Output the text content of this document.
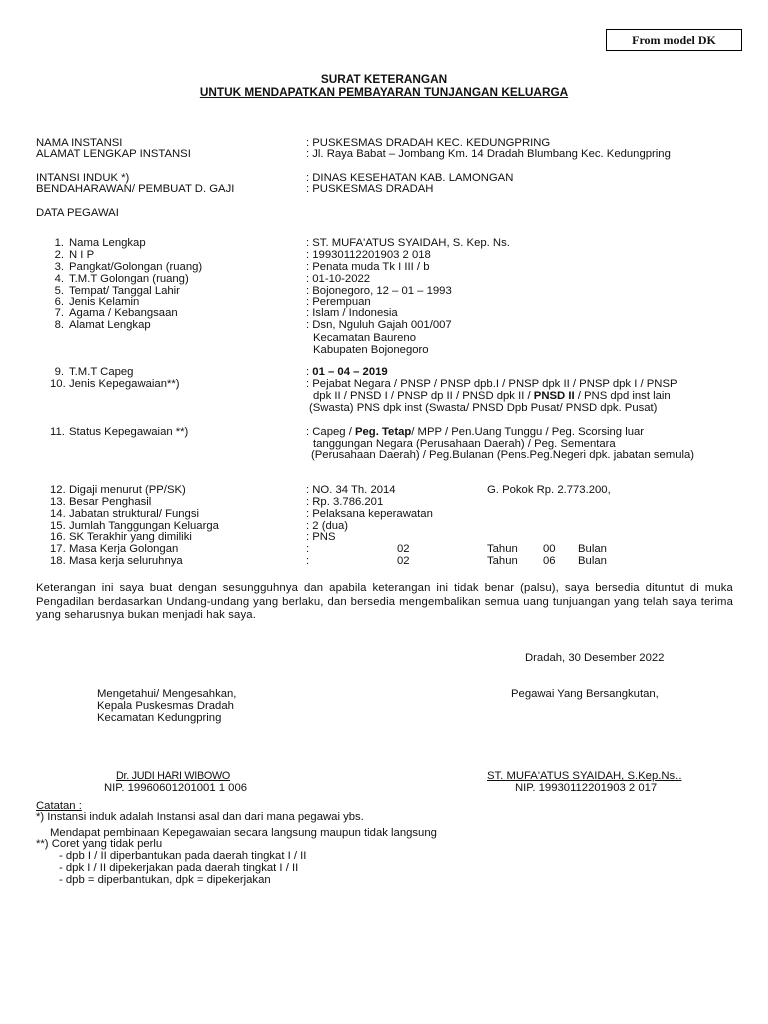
From model DK
SURAT KETERANGAN
UNTUK MENDAPATKAN PEMBAYARAN TUNJANGAN KELUARGA
NAMA INSTANSI	: PUSKESMAS DRADAH KEC. KEDUNGPRING
ALAMAT LENGKAP INSTANSI	: Jl. Raya Babat – Jombang Km. 14 Dradah Blumbang Kec. Kedungpring
INTANSI INDUK *)	: DINAS KESEHATAN KAB. LAMONGAN
BENDAHARAWAN/ PEMBUAT D. GAJI	: PUSKESMAS DRADAH
DATA PEGAWAI
1. Nama Lengkap	: ST. MUFA'ATUS SYAIDAH, S. Kep. Ns.
2. N I P	: 19930112201903 2 018
3. Pangkat/Golongan (ruang)	: Penata muda Tk I III / b
4. T.M.T Golongan (ruang)	: 01-10-2022
5. Tempat/ Tanggal Lahir	: Bojonegoro, 12 – 01 – 1993
6. Jenis Kelamin	: Perempuan
7. Agama / Kebangsaan	: Islam / Indonesia
8. Alamat Lengkap	: Dsn, Nguluh Gajah 001/007
Kecamatan Baureno
Kabupaten Bojonegoro
9. T.M.T Capeg	: 01 – 04 – 2019
10. Jenis Kepegawaian**)	: Pejabat Negara / PNSP / PNSP dpb.I / PNSP dpk II / PNSP dpk I / PNSP
dpk II / PNSD I / PNSP dp II / PNSD dpk II / PNSD II / PNS dpd inst lain
(Swasta) PNS dpk inst (Swasta/ PNSD Dpb Pusat/ PNSD dpk. Pusat)
11. Status Kepegawaian **)	: Capeg / Peg. Tetap/ MPP / Pen.Uang Tunggu / Peg. Scorsing luar
tanggungan Negara (Perusahaan Daerah) / Peg. Sementara
(Perusahaan Daerah) / Peg.Bulanan (Pens.Peg.Negeri dpk. jabatan semula)
12. Digaji menurut (PP/SK)	: NO. 34 Th. 2014	G. Pokok Rp. 2.773.200,
13. Besar Penghasil	: Rp. 3.786.201
14. Jabatan struktural/ Fungsi	: Pelaksana keperawatan
15. Jumlah Tanggungan Keluarga	: 2 (dua)
16. SK Terakhir yang dimiliki	: PNS
17. Masa Kerja Golongan	:	02	Tahun 00 Bulan
18. Masa kerja seluruhnya	:	02	Tahun 06 Bulan
Keterangan ini saya buat dengan sesungguhnya dan apabila keterangan ini tidak benar (palsu), saya bersedia dituntut di muka Pengadilan berdasarkan Undang-undang yang berlaku, dan bersedia mengembalikan semua uang tunjuangan yang telah saya terima yang seharusnya bukan menjadi hak saya.
Dradah, 30 Desember 2022
Mengetahui/ Mengesahkan,
Kepala Puskesmas Dradah
Kecamatan Kedungpring
Pegawai Yang Bersangkutan,
Dr. JUDI HARI WIBOWO
NIP. 19960601201001 1 006
ST. MUFA'ATUS SYAIDAH, S.Kep.Ns..
NIP. 19930112201903 2 017
Catatan :
*) Instansi induk adalah Instansi asal dan dari mana pegawai ybs.
Mendapat pembinaan Kepegawaian secara langsung maupun tidak langsung
**) Coret yang tidak perlu
- dpb I / II diperbantukan pada daerah tingkat I / II
- dpk I / II dipekerjakan pada daerah tingkat I / II
- dpb = diperbantukan, dpk = dipekerjakan
